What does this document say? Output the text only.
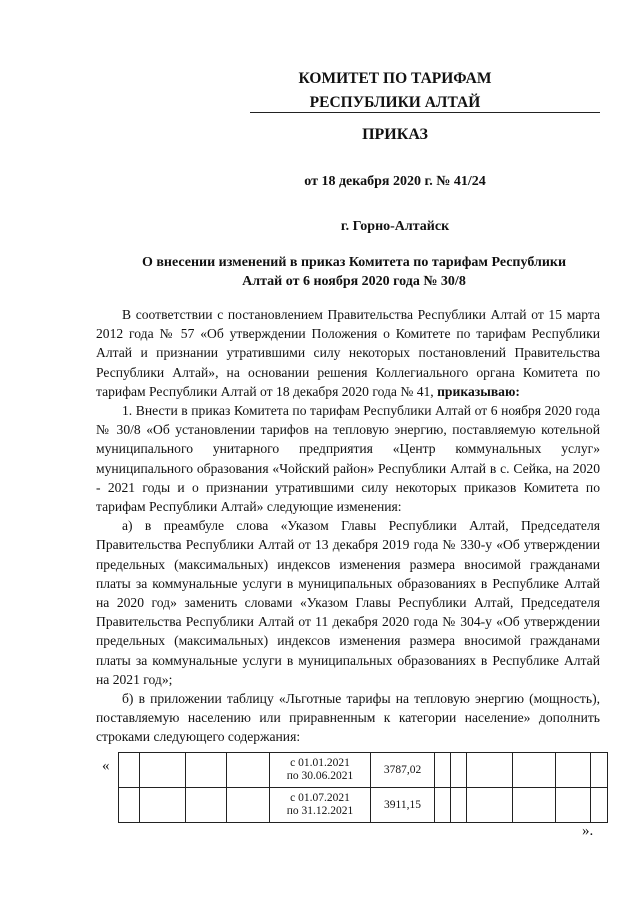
КОМИТЕТ ПО ТАРИФАМ
РЕСПУБЛИКИ АЛТАЙ
ПРИКАЗ
от 18 декабря 2020 г. № 41/24
г. Горно-Алтайск
О внесении изменений в приказ Комитета по тарифам Республики
Алтай от 6 ноября 2020 года № 30/8

В соответствии с постановлением Правительства Республики Алтай от 15 марта 2012 года № 57 «Об утверждении Положения о Комитете по тарифам Республики Алтай и признании утратившими силу некоторых постановлений Правительства Республики Алтай», на основании решения Коллегиального органа Комитета по тарифам Республики Алтай от 18 декабря 2020 года № 41, приказываю:

1. Внести в приказ Комитета по тарифам Республики Алтай от 6 ноября 2020 года № 30/8 «Об установлении тарифов на тепловую энергию, поставляемую котельной муниципального унитарного предприятия «Центр коммунальных услуг» муниципального образования «Чойский район» Республики Алтай в с. Сейка, на 2020 - 2021 годы и о признании утратившими силу некоторых приказов Комитета по тарифам Республики Алтай» следующие изменения:

а) в преамбуле слова «Указом Главы Республики Алтай, Председателя Правительства Республики Алтай от 13 декабря 2019 года № 330-у «Об утверждении предельных (максимальных) индексов изменения размера вносимой гражданами платы за коммунальные услуги в муниципальных образованиях в Республике Алтай на 2020 год» заменить словами «Указом Главы Республики Алтай, Председателя Правительства Республики Алтай от 11 декабря 2020 года № 304-у «Об утверждении предельных (максимальных) индексов изменения размера вносимой гражданами платы за коммунальные услуги в муниципальных образованиях в Республике Алтай на 2021 год»;

б) в приложении таблицу «Льготные тарифы на тепловую энергию (мощность), поставляемую населению или приравненным к категории население» дополнить строками следующего содержания:

«

				с 01.01.2021
по 30.06.2021	3787,02						

				с 01.07.2021
по 31.12.2021	3911,15						
».
